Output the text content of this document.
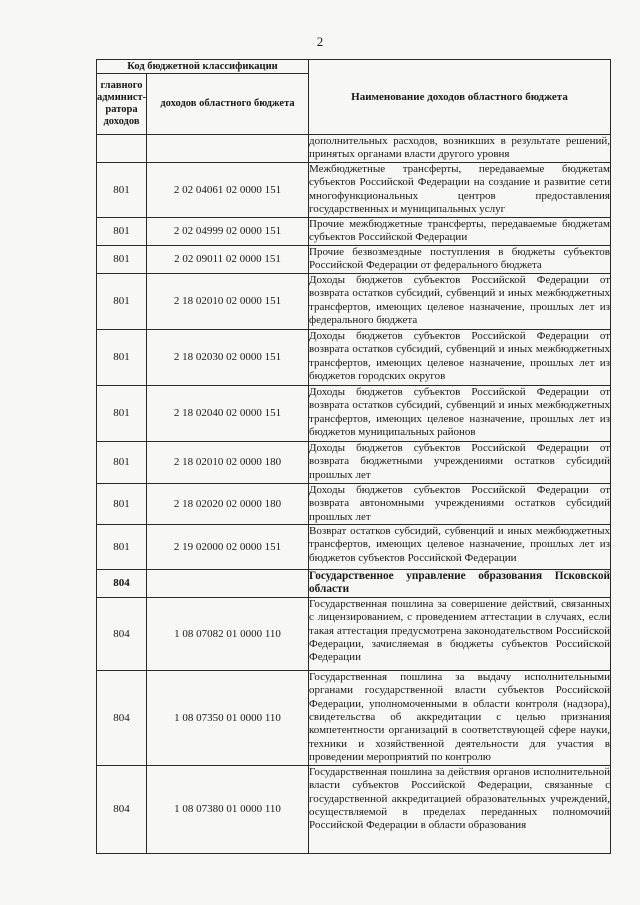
2
Код бюджетной классификации		Наименование доходов областного бюджета
главного админист-ратора доходов	доходов областного бюджета	
		дополнительных расходов, возникших в результате решений, принятых органами власти другого уровня
801	2 02 04061 02 0000 151	Межбюджетные трансферты, передаваемые бюджетам субъектов Российской Федерации на создание и развитие сети многофункциональных центров предоставления государственных и муниципальных услуг
801	2 02 04999 02 0000 151	Прочие межбюджетные трансферты, передаваемые бюджетам субъектов Российской Федерации
801	2 02 09011 02 0000 151	Прочие безвозмездные поступления в бюджеты субъектов Российской Федерации от федерального бюджета
801	2 18 02010 02 0000 151	Доходы бюджетов субъектов Российской Федерации от возврата остатков субсидий, субвенций и иных межбюджетных трансфертов, имеющих целевое назначение, прошлых лет из федерального бюджета
801	2 18 02030 02 0000 151	Доходы бюджетов субъектов Российской Федерации от возврата остатков субсидий, субвенций и иных межбюджетных трансфертов, имеющих целевое назначение, прошлых лет из бюджетов городских округов
801	2 18 02040 02 0000 151	Доходы бюджетов субъектов Российской Федерации от возврата остатков субсидий, субвенций и иных межбюджетных трансфертов, имеющих целевое назначение, прошлых лет из бюджетов муниципальных районов
801	2 18 02010 02 0000 180	Доходы бюджетов субъектов Российской Федерации от возврата бюджетными учреждениями остатков субсидий прошлых лет
801	2 18 02020 02 0000 180	Доходы бюджетов субъектов Российской Федерации от возврата автономными учреждениями остатков субсидий прошлых лет
801	2 19 02000 02 0000 151	Возврат остатков субсидий, субвенций и иных межбюджетных трансфертов, имеющих целевое назначение, прошлых лет из бюджетов субъектов Российской Федерации
804		Государственное управление образования Псковской области
804	1 08 07082 01 0000 110	Государственная пошлина за совершение действий, связанных с лицензированием, с проведением аттестации в случаях, если такая аттестация предусмотрена законодательством Российской Федерации, зачисляемая в бюджеты субъектов Российской Федерации
804	1 08 07350 01 0000 110	Государственная пошлина за выдачу исполнительными органами государственной власти субъектов Российской Федерации, уполномоченными в области контроля (надзора), свидетельства об аккредитации с целью признания компетентности организаций в соответствующей сфере науки, техники и хозяйственной деятельности для участия в проведении мероприятий по контролю
804	1 08 07380 01 0000 110	Государственная пошлина за действия органов исполнительной власти субъектов Российской Федерации, связанные с государственной аккредитацией образовательных учреждений, осуществляемой в пределах переданных полномочий Российской Федерации в области образования
